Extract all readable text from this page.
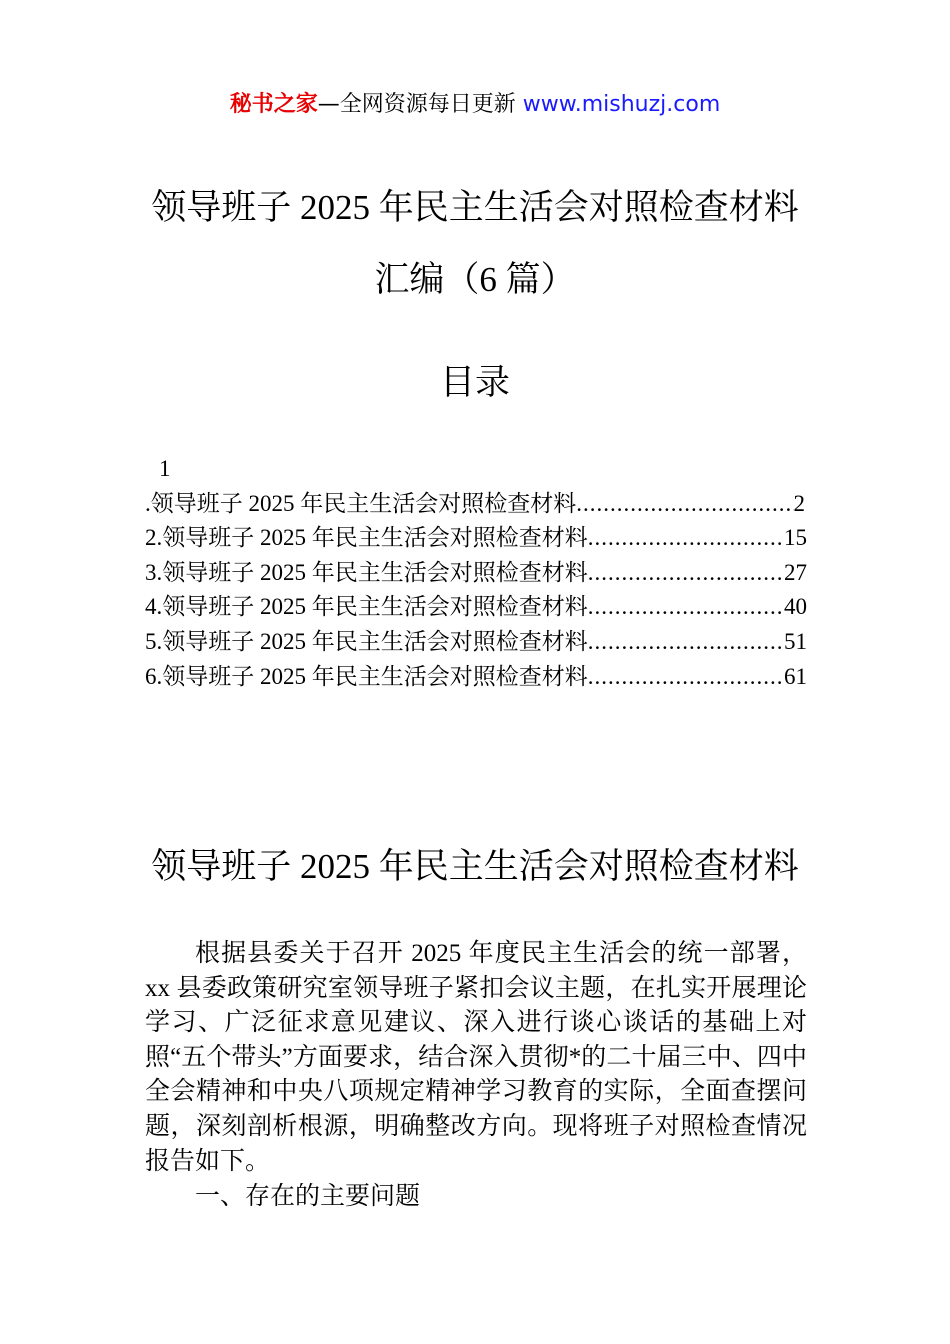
秘书之家—全网资源每日更新 www.mishuzj.com
领导班子 2025 年民主生活会对照检查材料
汇编（6 篇）
目录
1
.领导班子 2025 年民主生活会对照检查材料 .....	2
2.领导班子 2025 年民主生活会对照检查材料 .....	15
3.领导班子 2025 年民主生活会对照检查材料 .....	27
4.领导班子 2025 年民主生活会对照检查材料 .....	40
5.领导班子 2025 年民主生活会对照检查材料 .....	51
6.领导班子 2025 年民主生活会对照检查材料 .....	61
领导班子 2025 年民主生活会对照检查材料
根据县委关于召开 2025 年度民主生活会的统一部署，xx 县委政策研究室领导班子紧扣会议主题，在扎实开展理论学习、广泛征求意见建议、深入进行谈心谈话的基础上对照“五个带头”方面要求，结合深入贯彻*的二十届三中、四中全会精神和中央八项规定精神学习教育的实际，全面查摆问题，深刻剖析根源，明确整改方向。现将班子对照检查情况报告如下。
一、存在的主要问题
